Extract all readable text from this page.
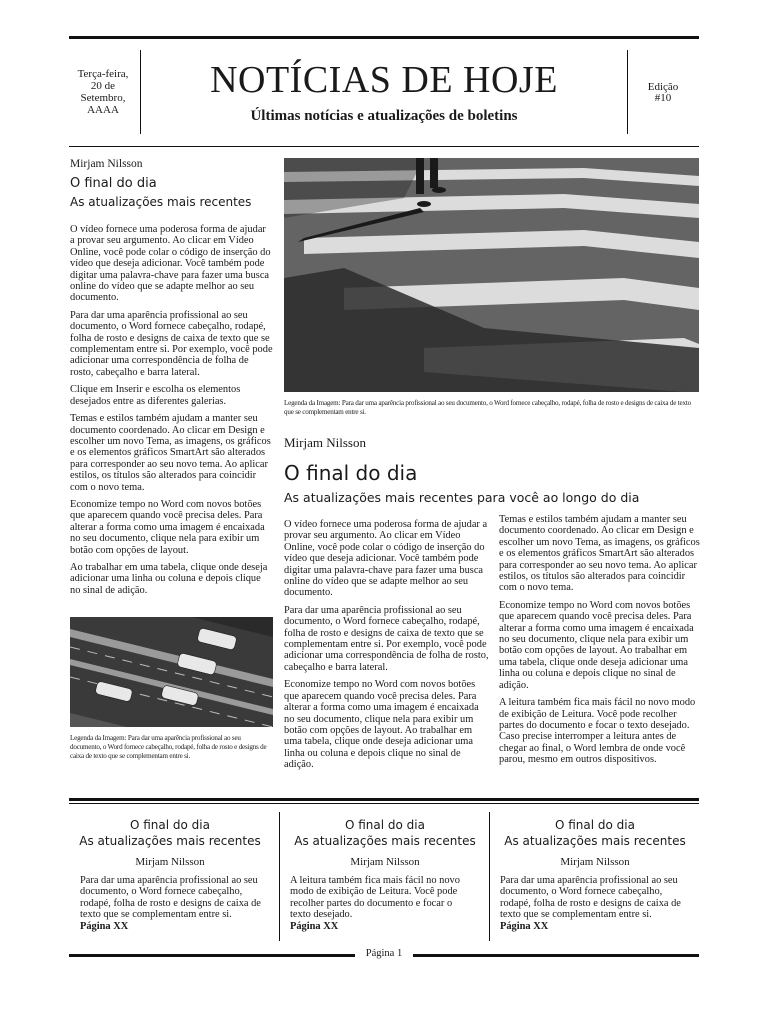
Terça-feira, 20 de Setembro, AAAA
NOTÍCIAS DE HOJE
Últimas notícias e atualizações de boletins
Edição
#10
Mirjam Nilsson
O final do dia
As atualizações mais recentes

O vídeo fornece uma poderosa forma de ajudar a provar seu argumento. Ao clicar em Vídeo Online, você pode colar o código de inserção do vídeo que deseja adicionar. Você também pode digitar uma palavra-chave para fazer uma busca online do vídeo que se adapte melhor ao seu documento.

Para dar uma aparência profissional ao seu documento, o Word fornece cabeçalho, rodapé, folha de rosto e designs de caixa de texto que se complementam entre si. Por exemplo, você pode adicionar uma correspondência de folha de rosto, cabeçalho e barra lateral.

Clique em Inserir e escolha os elementos desejados entre as diferentes galerias.

Temas e estilos também ajudam a manter seu documento coordenado. Ao clicar em Design e escolher um novo Tema, as imagens, os gráficos e os elementos gráficos SmartArt são alterados para corresponder ao seu novo tema. Ao aplicar estilos, os títulos são alterados para coincidir com o novo tema.

Economize tempo no Word com novos botões que aparecem quando você precisa deles. Para alterar a forma como uma imagem é encaixada no seu documento, clique nela para exibir um botão com opções de layout.

Ao trabalhar em uma tabela, clique onde deseja adicionar uma linha ou coluna e depois clique no sinal de adição.

Legenda da Imagem: Para dar uma aparência profissional ao seu documento, o Word fornece cabeçalho, rodapé, folha de rosto e designs de caixa de texto que se complementam entre si.
Legenda da Imagem: Para dar uma aparência profissional ao seu documento, o Word fornece cabeçalho, rodapé, folha de rosto e designs de caixa de texto que se complementam entre si.
Mirjam Nilsson
O final do dia
As atualizações mais recentes para você ao longo do dia

O vídeo fornece uma poderosa forma de ajudar a provar seu argumento. Ao clicar em Vídeo Online, você pode colar o código de inserção do vídeo que deseja adicionar. Você também pode digitar uma palavra-chave para fazer uma busca online do vídeo que se adapte melhor ao seu documento.

Para dar uma aparência profissional ao seu documento, o Word fornece cabeçalho, rodapé, folha de rosto e designs de caixa de texto que se complementam entre si. Por exemplo, você pode adicionar uma correspondência de folha de rosto, cabeçalho e barra lateral.

Economize tempo no Word com novos botões que aparecem quando você precisa deles. Para alterar a forma como uma imagem é encaixada no seu documento, clique nela para exibir um botão com opções de layout. Ao trabalhar em uma tabela, clique onde deseja adicionar uma linha ou coluna e depois clique no sinal de adição.

Temas e estilos também ajudam a manter seu documento coordenado. Ao clicar em Design e escolher um novo Tema, as imagens, os gráficos e os elementos gráficos SmartArt são alterados para corresponder ao seu novo tema. Ao aplicar estilos, os títulos são alterados para coincidir com o novo tema.

Economize tempo no Word com novos botões que aparecem quando você precisa deles. Para alterar a forma como uma imagem é encaixada no seu documento, clique nela para exibir um botão com opções de layout. Ao trabalhar em uma tabela, clique onde deseja adicionar uma linha ou coluna e depois clique no sinal de adição.

A leitura também fica mais fácil no novo modo de exibição de Leitura. Você pode recolher partes do documento e focar o texto desejado. Caso precise interromper a leitura antes de chegar ao final, o Word lembra de onde você parou, mesmo em outros dispositivos.

O final do dia
As atualizações mais recentes
Mirjam Nilsson
Para dar uma aparência profissional ao seu documento, o Word fornece cabeçalho, rodapé, folha de rosto e designs de caixa de texto que se complementam entre si.
Página XX
O final do dia
As atualizações mais recentes
Mirjam Nilsson
A leitura também fica mais fácil no novo modo de exibição de Leitura. Você pode recolher partes do documento e focar o texto desejado.
Página XX
O final do dia
As atualizações mais recentes
Mirjam Nilsson
Para dar uma aparência profissional ao seu documento, o Word fornece cabeçalho, rodapé, folha de rosto e designs de caixa de texto que se complementam entre si.
Página XX
Página 1
